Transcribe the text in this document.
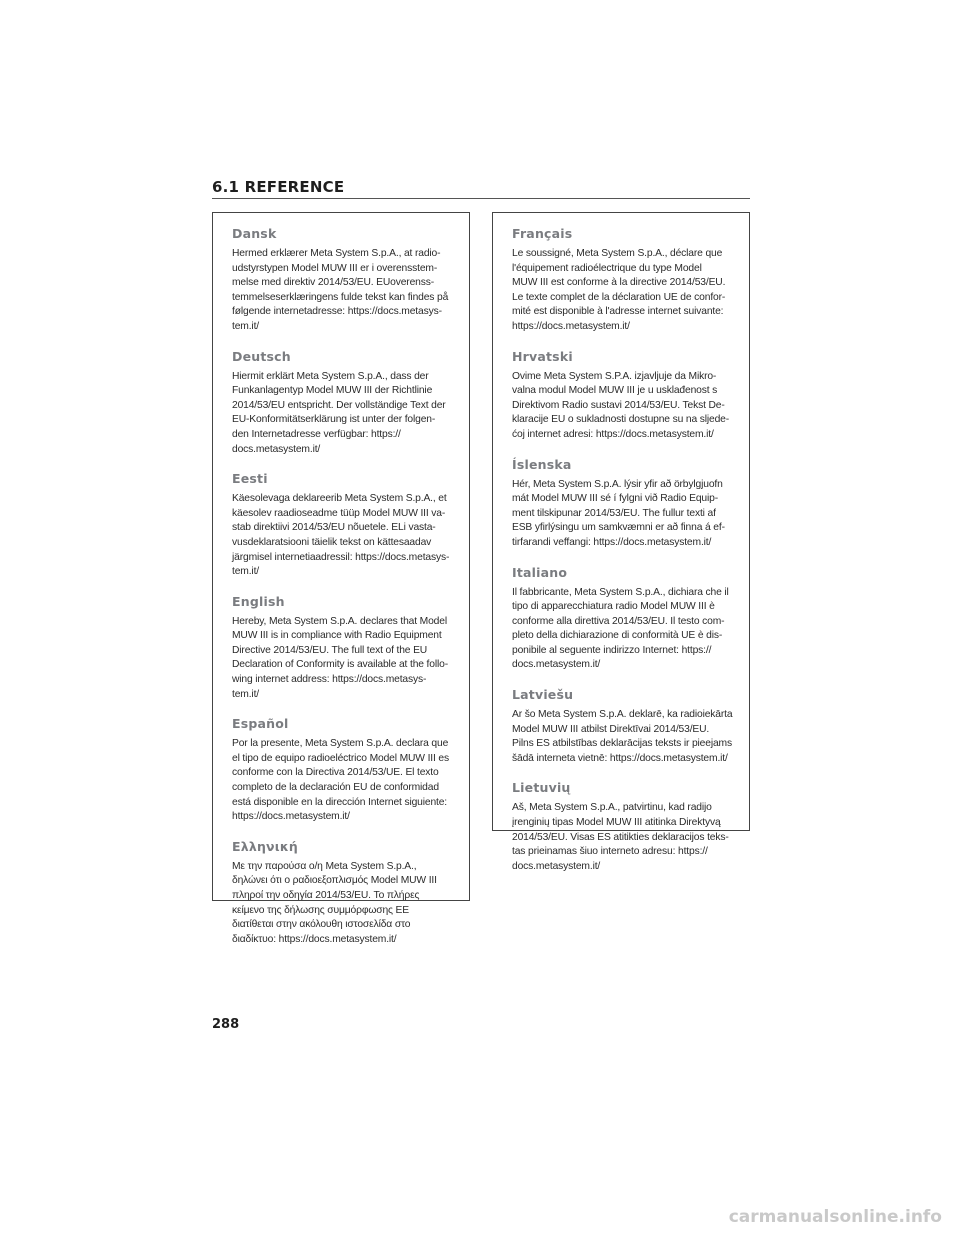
6.1 REFERENCE
Dansk

Hermed erklærer Meta System S.p.A., at radio-
udstyrstypen Model MUW III er i overensstem-
melse med direktiv 2014/53/EU. EUoverenss-
temmelseserklæringens fulde tekst kan findes på
følgende internetadresse: https://docs.metasys-
tem.it/

Deutsch

Hiermit erklärt Meta System S.p.A., dass der
Funkanlagentyp Model MUW III der Richtlinie
2014/53/EU entspricht. Der vollständige Text der
EU-Konformitätserklärung ist unter der folgen-
den Internetadresse verfügbar: https://
docs.metasystem.it/

Eesti

Käesolevaga deklareerib Meta System S.p.A., et
käesolev raadioseadme tüüp Model MUW III va-
stab direktiivi 2014/53/EU nõuetele. ELi vasta-
vusdeklaratsiooni täielik tekst on kättesaadav
järgmisel internetiaadressil: https://docs.metasys-
tem.it/

English

Hereby, Meta System S.p.A. declares that Model
MUW III is in compliance with Radio Equipment
Directive 2014/53/EU. The full text of the EU
Declaration of Conformity is available at the follo-
wing internet address: https://docs.metasys-
tem.it/

Español

Por la presente, Meta System S.p.A. declara que
el tipo de equipo radioeléctrico Model MUW III es
conforme con la Directiva 2014/53/UE. El texto
completo de la declaración EU de conformidad
está disponible en la dirección Internet siguiente:
https://docs.metasystem.it/

Ελληνική

Με την παρούσα ο/η Meta System S.p.A.,
δηλώνει ότι ο ραδιοεξοπλισμός Model MUW III
πληροί την οδηγία 2014/53/EU. Το πλήρες
κείμενο της δήλωσης συμμόρφωσης ΕΕ
διατίθεται στην ακόλουθη ιστοσελίδα στο
διαδίκτυο: https://docs.metasystem.it/

Français

Le soussigné, Meta System S.p.A., déclare que
l'équipement radioélectrique du type Model
MUW III est conforme à la directive 2014/53/EU.
Le texte complet de la déclaration UE de confor-
mité est disponible à l'adresse internet suivante:
https://docs.metasystem.it/

Hrvatski

Ovime Meta System S.P.A. izjavljuje da Mikro-
valna modul Model MUW III je u usklađenost s
Direktivom Radio sustavi 2014/53/EU. Tekst De-
klaracije EU o sukladnosti dostupne su na sljede-
ćoj internet adresi: https://docs.metasystem.it/

Íslenska

Hér, Meta System S.p.A. lýsir yfir að örbylgjuofn
mát Model MUW III sé í fylgni við Radio Equip-
ment tilskipunar 2014/53/EU. The fullur texti af
ESB yfirlýsingu um samkvæmni er að finna á ef-
tirfarandi veffangi: https://docs.metasystem.it/

Italiano

Il fabbricante, Meta System S.p.A., dichiara che il
tipo di apparecchiatura radio Model MUW III è
conforme alla direttiva 2014/53/EU. Il testo com-
pleto della dichiarazione di conformità UE è dis-
ponibile al seguente indirizzo Internet: https://
docs.metasystem.it/

Latviešu

Ar šo Meta System S.p.A. deklarē, ka radioiekārta
Model MUW III atbilst Direktīvai 2014/53/EU.
Pilns ES atbilstības deklarācijas teksts ir pieejams
šādā interneta vietnē: https://docs.metasystem.it/

Lietuvių

Aš, Meta System S.p.A., patvirtinu, kad radijo
įrenginių tipas Model MUW III atitinka Direktyvą
2014/53/EU. Visas ES atitikties deklaracijos teks-
tas prieinamas šiuo interneto adresu: https://
docs.metasystem.it/

288
carmanualsonline.info
